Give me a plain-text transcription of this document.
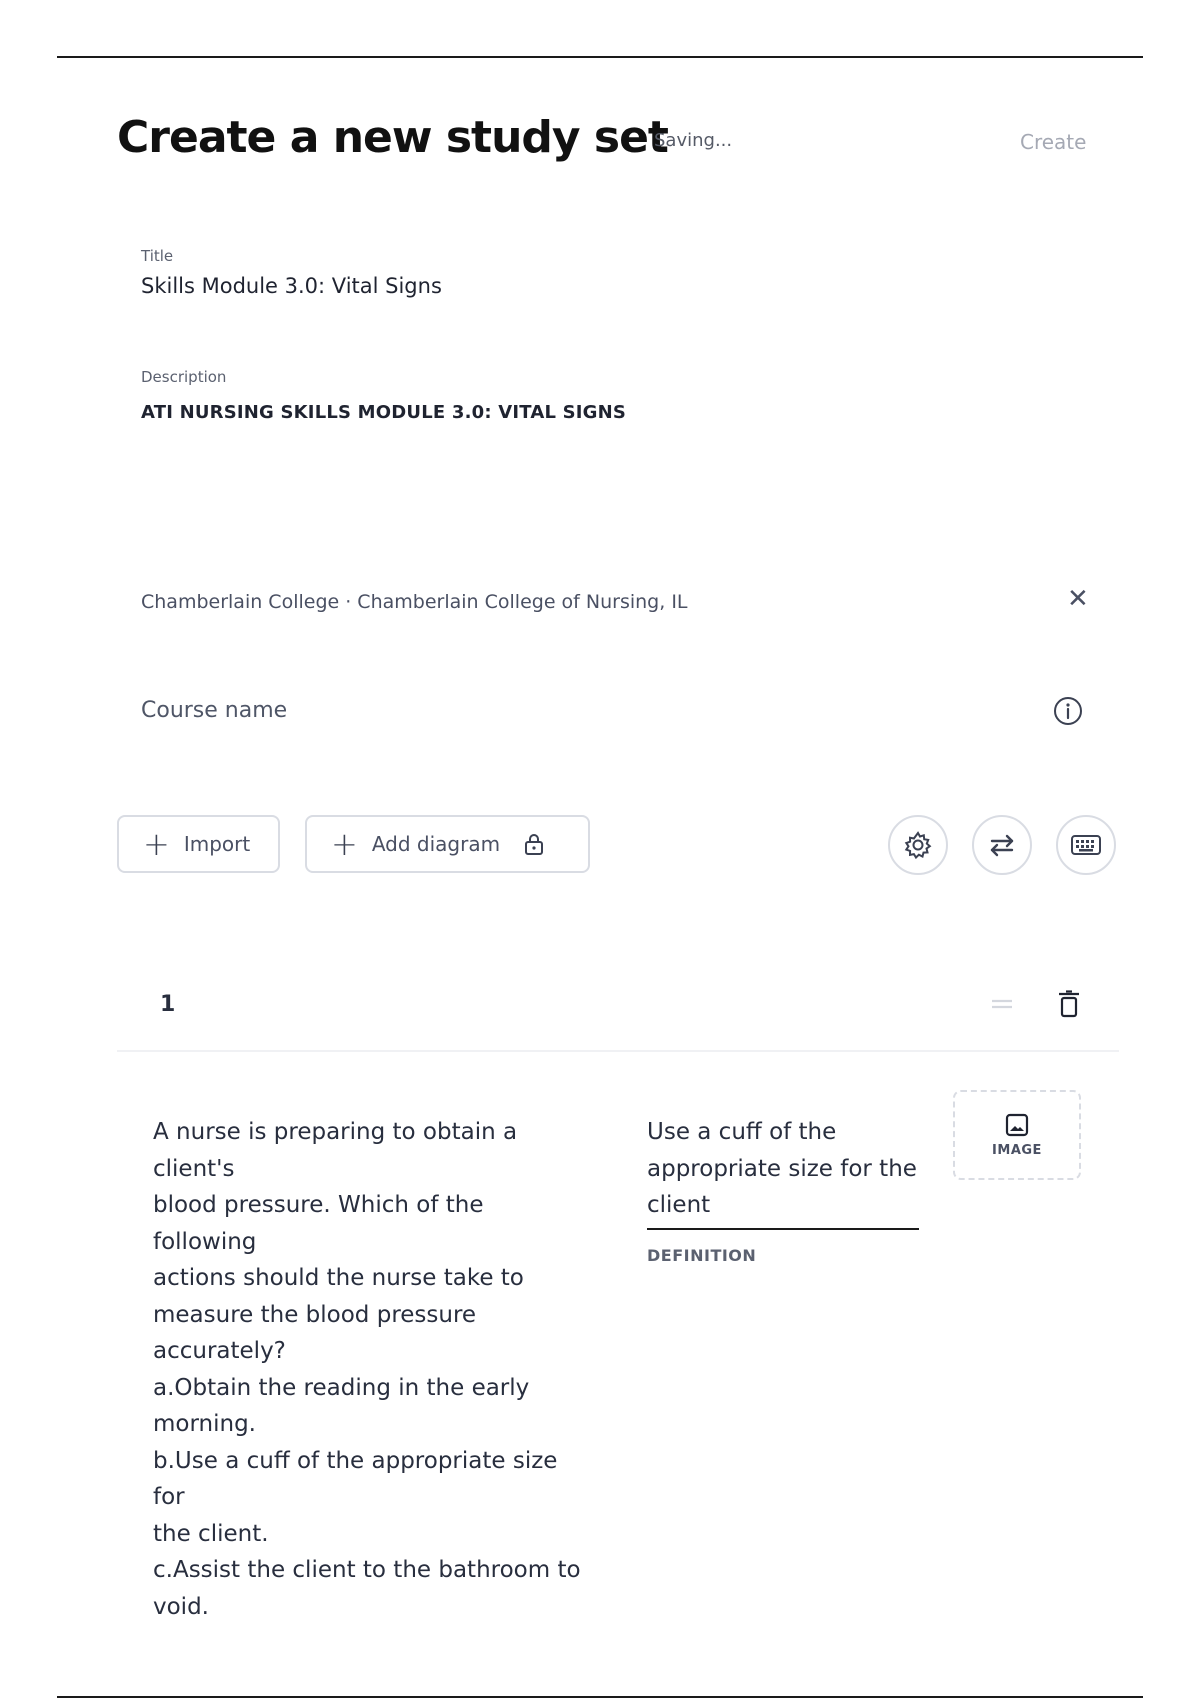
Create a new study set
Saving...	Create
Title
Skills Module 3.0: Vital Signs
Description
ATI NURSING SKILLS MODULE 3.0: VITAL SIGNS
Chamberlain College · Chamberlain College of Nursing, IL	✕
Course name
+ Import	+ Add diagram
1

A nurse is preparing to obtain a client's
blood pressure. Which of the following
actions should the nurse take to
measure the blood pressure
accurately?
a.Obtain the reading in the early
morning.
b.Use a cuff of the appropriate size for
the client.
c.Assist the client to the bathroom to
void.

Use a cuff of the appropriate size for the client

DEFINITION
IMAGE
